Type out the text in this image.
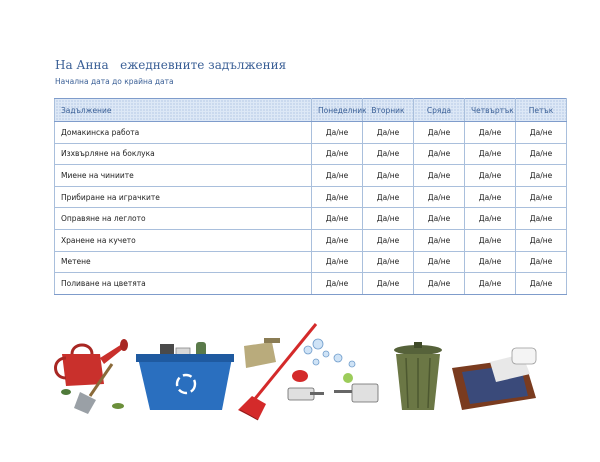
На Анна   ежедневните задължения
Начална дата до крайна дата
Задължение	Понеделник	Вторник	Сряда	Четвъртък	Петък
Домакинска работа	Да/не	Да/не	Да/не	Да/не	Да/не
Изхвърляне на боклука	Да/не	Да/не	Да/не	Да/не	Да/не
Миене на чиниите	Да/не	Да/не	Да/не	Да/не	Да/не
Прибиране на играчките	Да/не	Да/не	Да/не	Да/не	Да/не
Оправяне на леглото	Да/не	Да/не	Да/не	Да/не	Да/не
Хранене на кучето	Да/не	Да/не	Да/не	Да/не	Да/не
Метене	Да/не	Да/не	Да/не	Да/не	Да/не
Поливане на цветята	Да/не	Да/не	Да/не	Да/не	Да/не
